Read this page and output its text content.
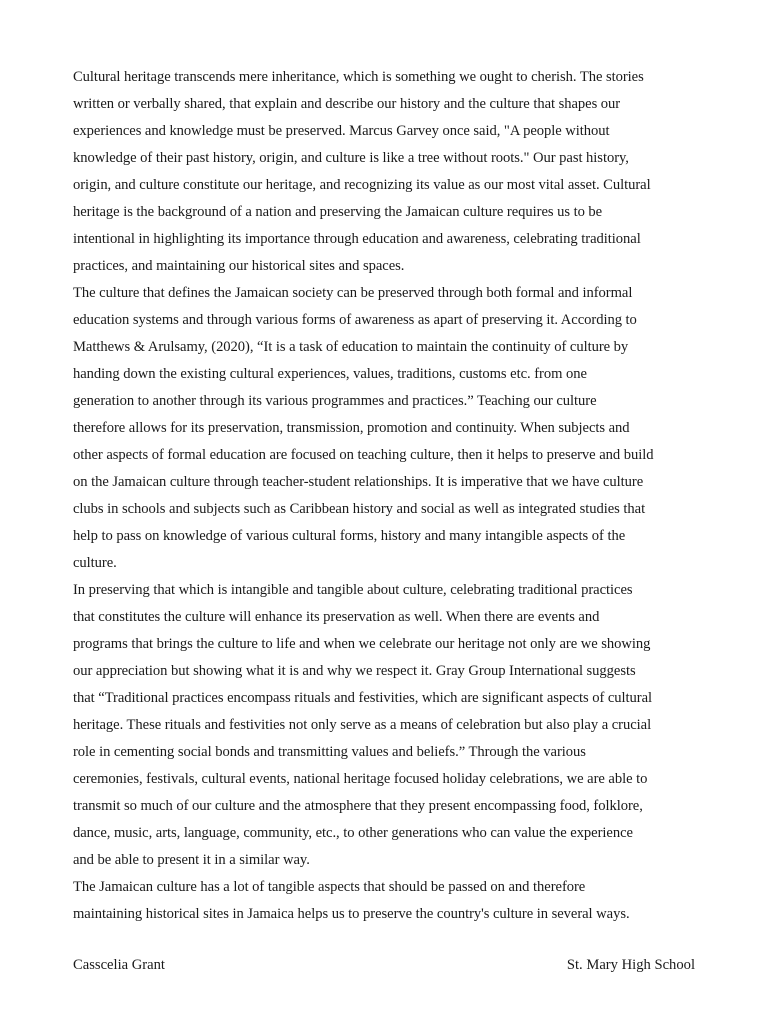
Cultural heritage transcends mere inheritance, which is something we ought to cherish. The stories
written or verbally shared, that explain and describe our history and the culture that shapes our
experiences and knowledge must be preserved. Marcus Garvey once said, "A people without
knowledge of their past history, origin, and culture is like a tree without roots." Our past history,
origin, and culture constitute our heritage, and recognizing its value as our most vital asset. Cultural
heritage is the background of a nation and preserving the Jamaican culture requires us to be
intentional in highlighting its importance through education and awareness, celebrating traditional
practices, and maintaining our historical sites and spaces.

The culture that defines the Jamaican society can be preserved through both formal and informal
education systems and through various forms of awareness as apart of preserving it. According to
Matthews & Arulsamy, (2020), “It is a task of education to maintain the continuity of culture by
handing down the existing cultural experiences, values, traditions, customs etc. from one
generation to another through its various programmes and practices.” Teaching our culture
therefore allows for its preservation, transmission, promotion and continuity. When subjects and
other aspects of formal education are focused on teaching culture, then it helps to preserve and build
on the Jamaican culture through teacher-student relationships. It is imperative that we have culture
clubs in schools and subjects such as Caribbean history and social as well as integrated studies that
help to pass on knowledge of various cultural forms, history and many intangible aspects of the
culture.

In preserving that which is intangible and tangible about culture, celebrating traditional practices
that constitutes the culture will enhance its preservation as well. When there are events and
programs that brings the culture to life and when we celebrate our heritage not only are we showing
our appreciation but showing what it is and why we respect it. Gray Group International suggests
that “Traditional practices encompass rituals and festivities, which are significant aspects of cultural
heritage. These rituals and festivities not only serve as a means of celebration but also play a crucial
role in cementing social bonds and transmitting values and beliefs.” Through the various
ceremonies, festivals, cultural events, national heritage focused holiday celebrations, we are able to
transmit so much of our culture and the atmosphere that they present encompassing food, folklore,
dance, music, arts, language, community, etc., to other generations who can value the experience
and be able to present it in a similar way.

The Jamaican culture has a lot of tangible aspects that should be passed on and therefore
maintaining historical sites in Jamaica helps us to preserve the country's culture in several ways.

Casscelia Grant	St. Mary High School
